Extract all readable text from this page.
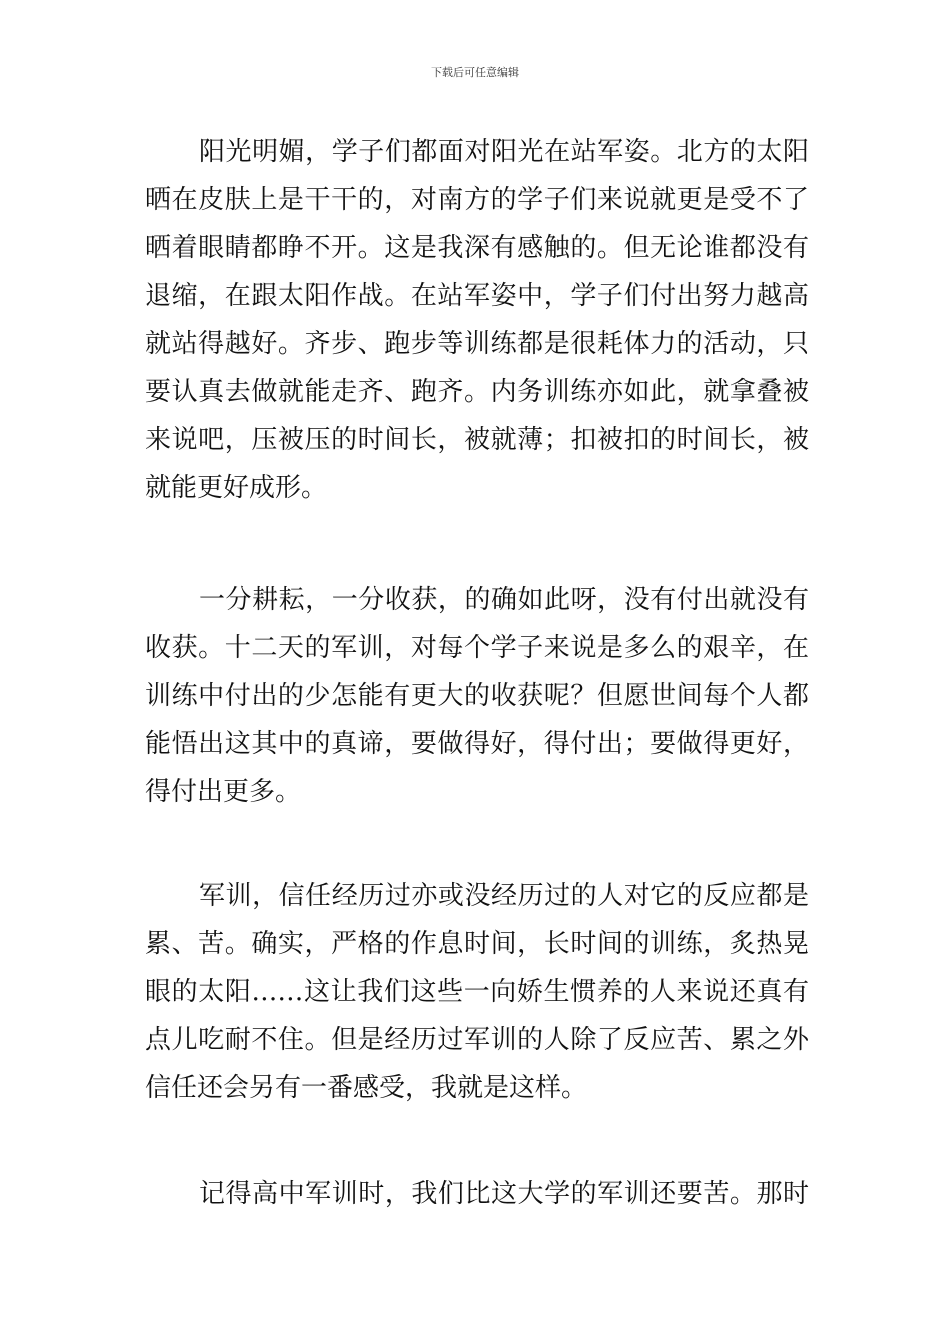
下载后可任意编辑
阳光明媚，学子们都面对阳光在站军姿。北方的太阳
晒在皮肤上是干干的，对南方的学子们来说就更是受不了
晒着眼睛都睁不开。这是我深有感触的。但无论谁都没有
退缩，在跟太阳作战。在站军姿中，学子们付出努力越高
就站得越好。齐步、跑步等训练都是很耗体力的活动，只
要认真去做就能走齐、跑齐。内务训练亦如此，就拿叠被
来说吧，压被压的时间长，被就薄；扣被扣的时间长，被
就能更好成形。
一分耕耘，一分收获，的确如此呀，没有付出就没有
收获。十二天的军训，对每个学子来说是多么的艰辛，在
训练中付出的少怎能有更大的收获呢？但愿世间每个人都
能悟出这其中的真谛，要做得好，得付出；要做得更好，
得付出更多。
军训，信任经历过亦或没经历过的人对它的反应都是
累、苦。确实，严格的作息时间，长时间的训练，炙热晃
眼的太阳……这让我们这些一向娇生惯养的人来说还真有
点儿吃耐不住。但是经历过军训的人除了反应苦、累之外
信任还会另有一番感受，我就是这样。
记得高中军训时，我们比这大学的军训还要苦。那时
